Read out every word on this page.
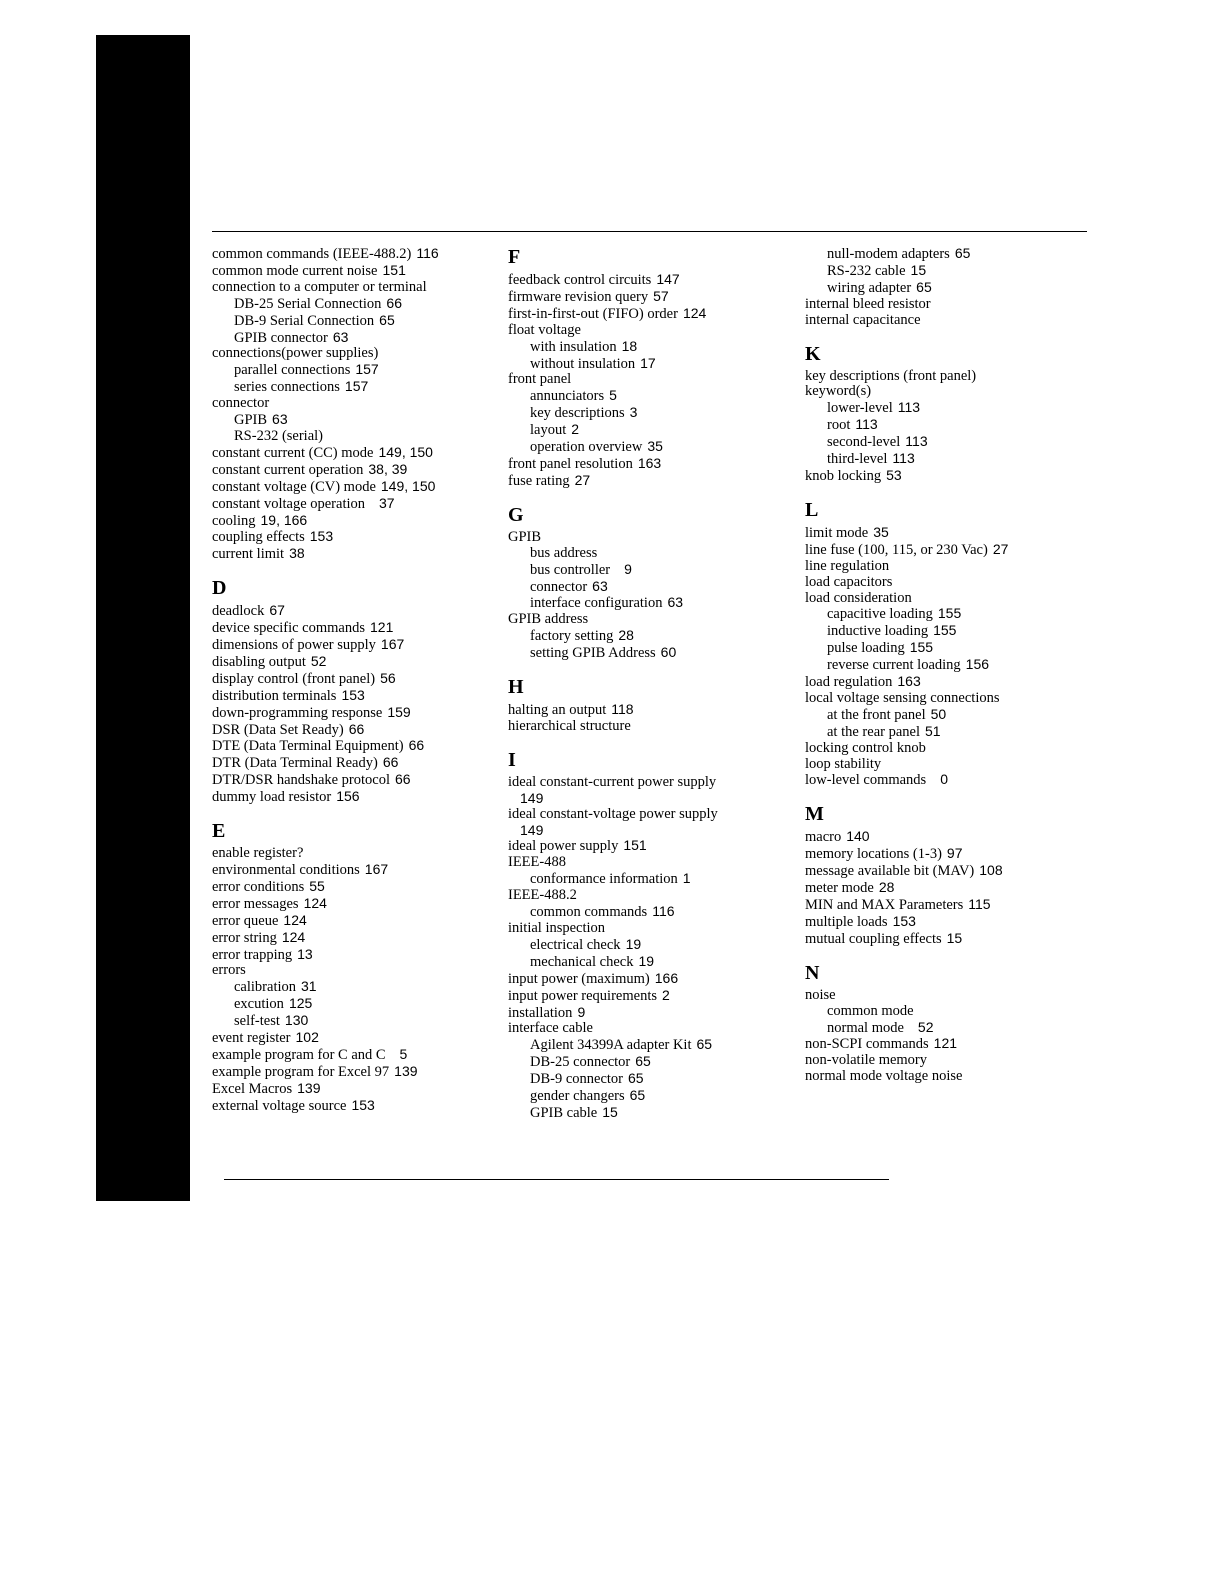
common commands (IEEE-488.2) 116
common mode current noise 151
connection to a computer or terminal
DB-25 Serial Connection 66
DB-9 Serial Connection 65
GPIB connector 63
connections(power supplies)
parallel connections 157
series connections 157
connector
GPIB 63
RS-232 (serial)
constant current (CC) mode 149, 150
constant current operation 38, 39
constant voltage (CV) mode 149, 150
constant voltage operation 37
cooling 19, 166
coupling effects 153
current limit 38
D
deadlock 67
device specific commands 121
dimensions of power supply 167
disabling output 52
display control (front panel) 56
distribution terminals 153
down-programming response 159
DSR (Data Set Ready) 66
DTE (Data Terminal Equipment) 66
DTR (Data Terminal Ready) 66
DTR/DSR handshake protocol 66
dummy load resistor 156
E
enable register?
environmental conditions 167
error conditions 55
error messages 124
error queue 124
error string 124
error trapping 13
errors
calibration 31
excution 125
self-test 130
event register 102
example program for C and C 5
example program for Excel 97 139
Excel Macros 139
external voltage source 153
F
feedback control circuits 147
firmware revision query 57
first-in-first-out (FIFO) order 124
float voltage
with insulation 18
without insulation 17
front panel
annunciators 5
key descriptions 3
layout 2
operation overview 35
front panel resolution 163
fuse rating 27
G
GPIB
bus address
bus controller 9
connector 63
interface configuration 63
GPIB address
factory setting 28
setting GPIB Address 60
H
halting an output 118
hierarchical structure
I
ideal constant-current power supply
149
ideal constant-voltage power supply
149
ideal power supply 151
IEEE-488
conformance information 1
IEEE-488.2
common commands 116
initial inspection
electrical check 19
mechanical check 19
input power (maximum) 166
input power requirements 2
installation 9
interface cable
Agilent 34399A adapter Kit 65
DB-25 connector 65
DB-9 connector 65
gender changers 65
GPIB cable 15
null-modem adapters 65
RS-232 cable 15
wiring adapter 65
internal bleed resistor
internal capacitance
K
key descriptions (front panel)
keyword(s)
lower-level 113
root 113
second-level 113
third-level 113
knob locking 53
L
limit mode 35
line fuse (100, 115, or 230 Vac) 27
line regulation
load capacitors
load consideration
capacitive loading 155
inductive loading 155
pulse loading 155
reverse current loading 156
load regulation 163
local voltage sensing connections
at the front panel 50
at the rear panel 51
locking control knob
loop stability
low-level commands 0
M
macro 140
memory locations (1-3) 97
message available bit (MAV) 108
meter mode 28
MIN and MAX Parameters 115
multiple loads 153
mutual coupling effects 15
N
noise
common mode
normal mode 52
non-SCPI commands 121
non-volatile memory
normal mode voltage noise
